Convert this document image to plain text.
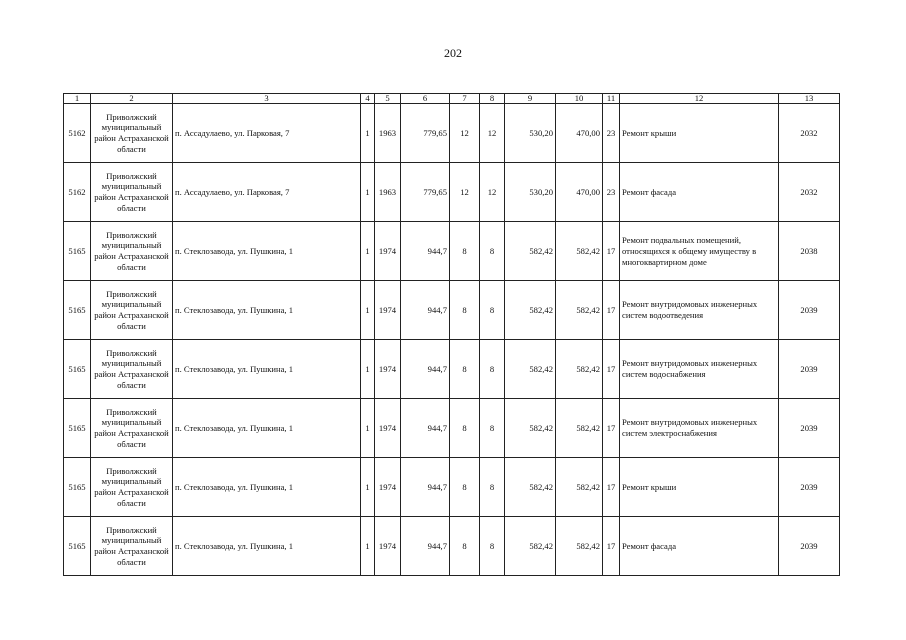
202
1	2	3	4	5	6	7	8	9	10	11	12	13
5162	Приволжский муниципальный район Астраханской области	п. Ассадулаево, ул. Парковая, 7	1	1963	779,65	12	12	530,20	470,00	23	Ремонт крыши	2032
5162	Приволжский муниципальный район Астраханской области	п. Ассадулаево, ул. Парковая, 7	1	1963	779,65	12	12	530,20	470,00	23	Ремонт фасада	2032
5165	Приволжский муниципальный район Астраханской области	п. Стеклозавода, ул. Пушкина, 1	1	1974	944,7	8	8	582,42	582,42	17	Ремонт подвальных помещений, относящихся к общему имуществу в многоквартирном доме	2038
5165	Приволжский муниципальный район Астраханской области	п. Стеклозавода, ул. Пушкина, 1	1	1974	944,7	8	8	582,42	582,42	17	Ремонт внутридомовых инженерных систем водоотведения	2039
5165	Приволжский муниципальный район Астраханской области	п. Стеклозавода, ул. Пушкина, 1	1	1974	944,7	8	8	582,42	582,42	17	Ремонт внутридомовых инженерных систем водоснабжения	2039
5165	Приволжский муниципальный район Астраханской области	п. Стеклозавода, ул. Пушкина, 1	1	1974	944,7	8	8	582,42	582,42	17	Ремонт внутридомовых инженерных систем электроснабжения	2039
5165	Приволжский муниципальный район Астраханской области	п. Стеклозавода, ул. Пушкина, 1	1	1974	944,7	8	8	582,42	582,42	17	Ремонт крыши	2039
5165	Приволжский муниципальный район Астраханской области	п. Стеклозавода, ул. Пушкина, 1	1	1974	944,7	8	8	582,42	582,42	17	Ремонт фасада	2039
